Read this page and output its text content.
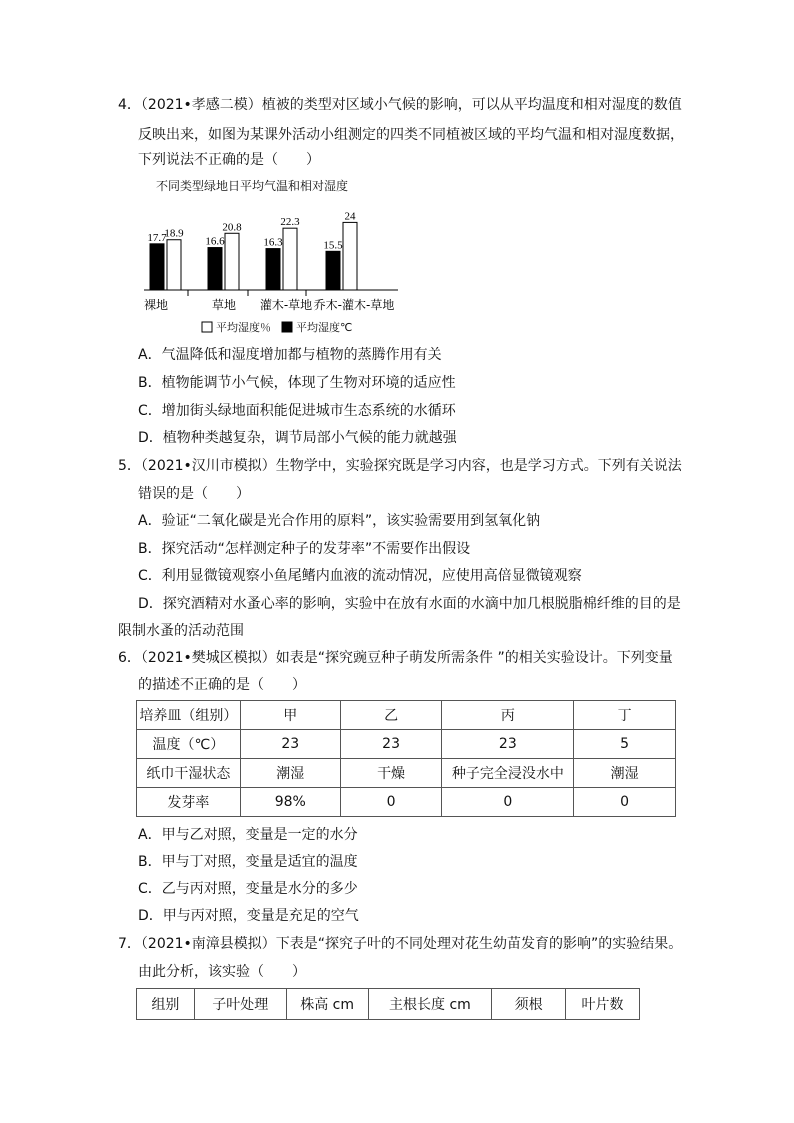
4．（2021•孝感二模）植被的类型对区域小气候的影响，可以从平均温度和相对湿度的数值
反映出来，如图为某课外活动小组测定的四类不同植被区域的平均气温和相对湿度数据，
下列说法不正确的是（　　）
不同类型绿地日平均气温和相对湿度
17.7
18.9
16.6
20.8
16.3
22.3
15.5
24
裸地	草地 灌木-草地 乔木-灌木-草地
平均湿度％ 平均湿度℃
A．气温降低和湿度增加都与植物的蒸腾作用有关
B．植物能调节小气候，体现了生物对环境的适应性
C．增加街头绿地面积能促进城市生态系统的水循环
D．植物种类越复杂，调节局部小气候的能力就越强
5．（2021•汉川市模拟）生物学中，实验探究既是学习内容，也是学习方式。下列有关说法
错误的是（　　）
A．验证“二氧化碳是光合作用的原料”，该实验需要用到氢氧化钠
B．探究活动“怎样测定种子的发芽率”不需要作出假设
C．利用显微镜观察小鱼尾鳍内血液的流动情况，应使用高倍显微镜观察
D．探究酒精对水蚤心率的影响，实验中在放有水面的水滴中加几根脱脂棉纤维的目的是
限制水蚤的活动范围
6．（2021•樊城区模拟）如表是“探究豌豆种子萌发所需条件 ”的相关实验设计。下列变量
的描述不正确的是（　　）
培养皿（组别）	甲	乙	丙	丁
温度（℃）	23	23	23	5
纸巾干湿状态	潮湿	干燥	种子完全浸没水中	潮湿
发芽率	98%	0	0	0
A．甲与乙对照，变量是一定的水分
B．甲与丁对照，变量是适宜的温度
C．乙与丙对照，变量是水分的多少
D．甲与丙对照，变量是充足的空气
7．（2021•南漳县模拟）下表是“探究子叶的不同处理对花生幼苗发育的影响”的实验结果。
由此分析，该实验（　　）
组别	子叶处理	株高 cm	主根长度 cm	须根	叶片数
